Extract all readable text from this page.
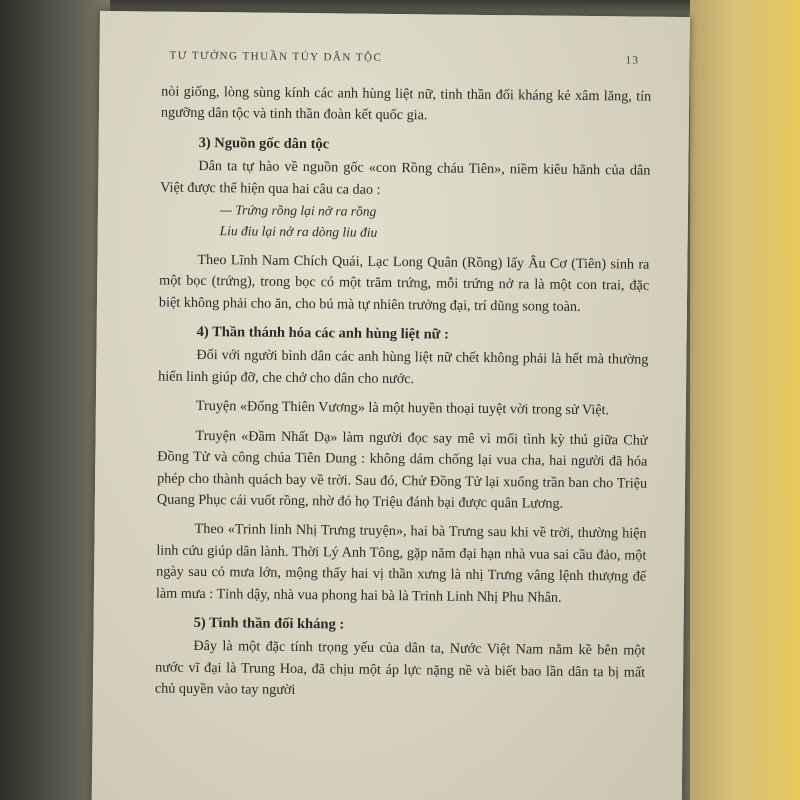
TƯ TƯỞNG THUẦN TÚY DÂN TỘC	13

nòi giống, lòng sùng kính các anh hùng liệt nữ, tinh thần đối kháng kẻ xâm lăng, tín ngưỡng dân tộc và tinh thần đoàn kết quốc gia.

3) Nguồn gốc dân tộc

Dân ta tự hào về nguồn gốc «con Rồng cháu Tiên», niềm kiêu hãnh của dân Việt được thể hiện qua hai câu ca dao :

— Trứng rồng lại nở ra rồng

Liu điu lại nở ra dòng liu điu

Theo Lĩnh Nam Chích Quái, Lạc Long Quân (Rồng) lấy Âu Cơ (Tiên) sinh ra một bọc (trứng), trong bọc có một trăm trứng, mỗi trứng nở ra là một con trai, đặc biệt không phải cho ăn, cho bú mà tự nhiên trưởng đại, trí dũng song toàn.

4) Thần thánh hóa các anh hùng liệt nữ :

Đối với người bình dân các anh hùng liệt nữ chết không phải là hết mà thường hiển linh giúp đỡ, che chở cho dân cho nước.

Truyện «Đổng Thiên Vương» là một huyền thoại tuyệt vời trong sử Việt.

Truyện «Đầm Nhất Dạ» làm người đọc say mê vì mối tình kỳ thú giữa Chử Đồng Tử và công chúa Tiên Dung : không dám chống lại vua cha, hai người đã hóa phép cho thành quách bay về trời. Sau đó, Chử Đồng Tử lại xuống trần ban cho Triệu Quang Phục cái vuốt rồng, nhờ đó họ Triệu đánh bại được quân Lương.

Theo «Trinh linh Nhị Trưng truyện», hai bà Trưng sau khi về trời, thường hiện linh cứu giúp dân lành. Thời Lý Anh Tông, gặp năm đại hạn nhà vua sai cầu đảo, một ngày sau có mưa lớn, mộng thấy hai vị thần xưng là nhị Trưng vâng lệnh thượng đế làm mưa : Tỉnh dậy, nhà vua phong hai bà là Trinh Linh Nhị Phu Nhân.

5) Tinh thần đối kháng :

Đây là một đặc tính trọng yếu của dân ta, Nước Việt Nam nằm kề bên một nước vĩ đại là Trung Hoa, đã chịu một áp lực nặng nề và biết bao lần dân ta bị mất chủ quyền vào tay người
